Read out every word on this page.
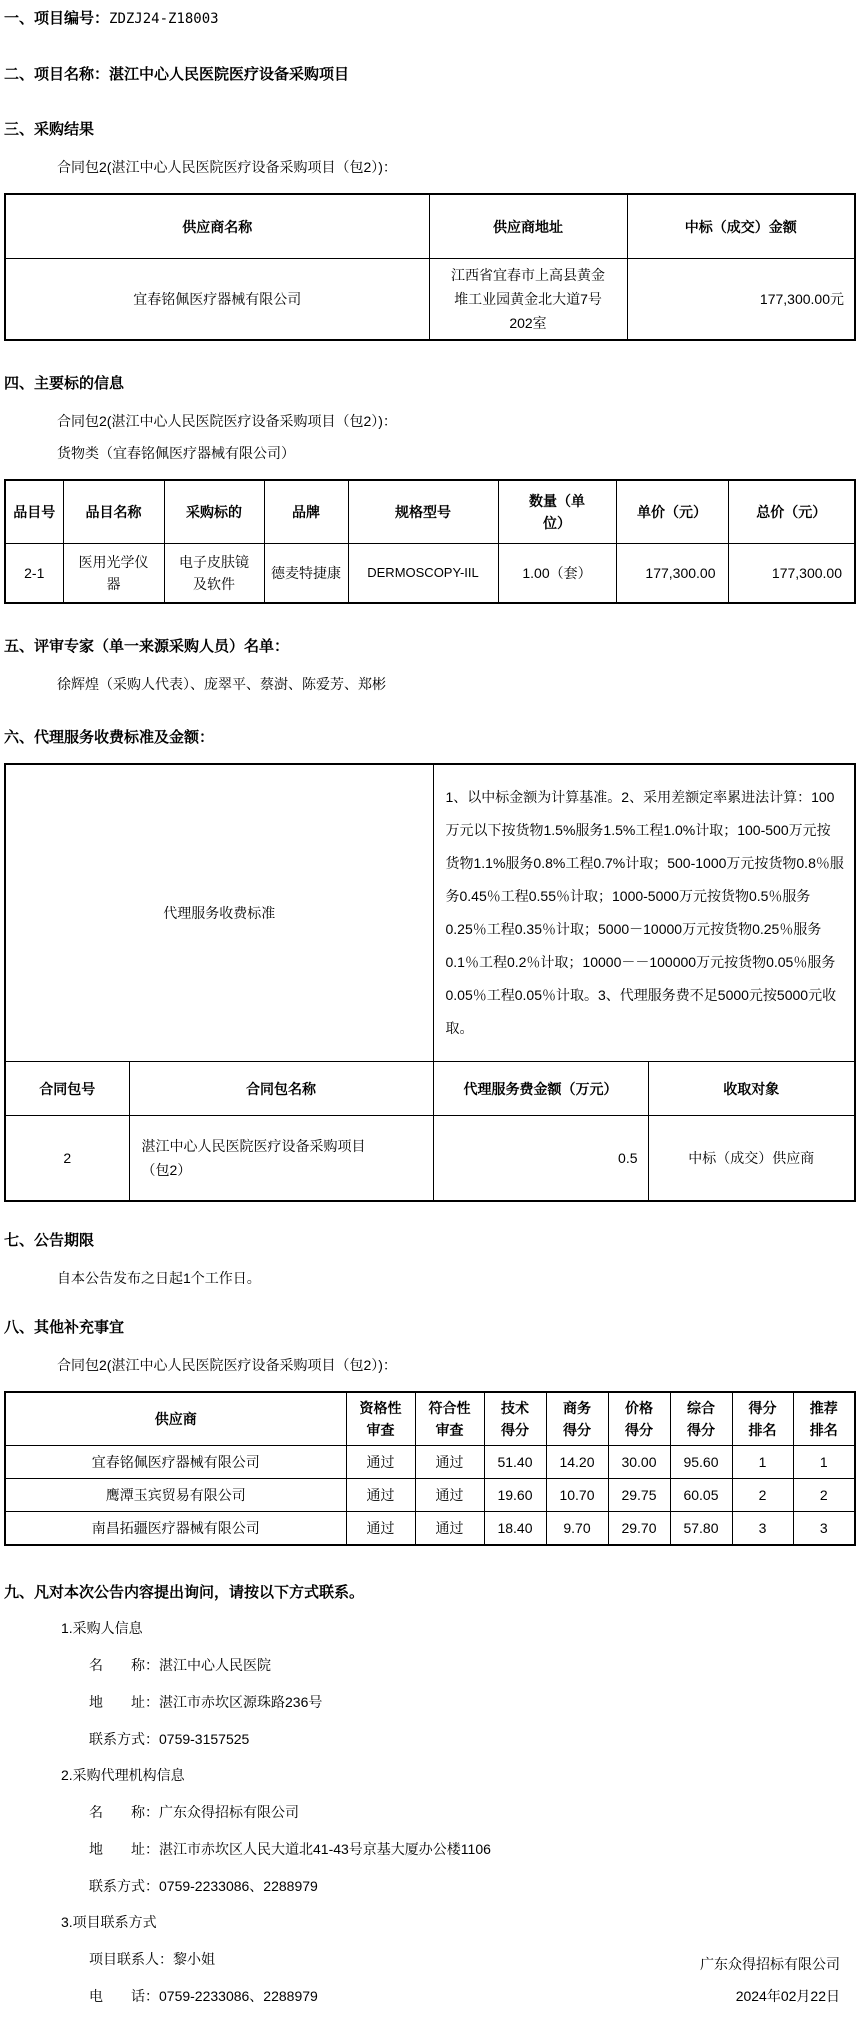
一、项目编号：ZDZJ24-Z18003
二、项目名称：湛江中心人民医院医疗设备采购项目
三、采购结果
合同包2(湛江中心人民医院医疗设备采购项目（包2）)：
供应商名称	供应商地址	中标（成交）金额
宜春铭佩医疗器械有限公司	江西省宜春市上高县黄金堆工业园黄金北大道7号202室	177,300.00元
四、主要标的信息
合同包2(湛江中心人民医院医疗设备采购项目（包2）)：
货物类（宜春铭佩医疗器械有限公司）
品目号	品目名称	采购标的	品牌	规格型号	数量（单位）	单价（元）	总价（元）
2-1	医用光学仪器	电子皮肤镜及软件	德麦特捷康	DERMOSCOPY-IIL	1.00（套）	177,300.00	177,300.00
五、评审专家（单一来源采购人员）名单：
徐辉煌（采购人代表）、庞翠平、蔡澍、陈爱芳、郑彬
六、代理服务收费标准及金额：
代理服务收费标准		1、以中标金额为计算基准。2、采用差额定率累进法计算：100万元以下按货物1.5%服务1.5%工程1.0%计取；100-500万元按货物1.1%服务0.8%工程0.7%计取；500-1000万元按货物0.8％服务0.45％工程0.55％计取；1000-5000万元按货物0.5％服务0.25％工程0.35％计取；5000－10000万元按货物0.25％服务0.1％工程0.2％计取；10000－－100000万元按货物0.05％服务0.05％工程0.05％计取。3、代理服务费不足5000元按5000元收取。	
合同包号	合同包名称	代理服务费金额（万元）	收取对象
2	湛江中心人民医院医疗设备采购项目（包2）	0.5	中标（成交）供应商
七、公告期限
自本公告发布之日起1个工作日。
八、其他补充事宜
合同包2(湛江中心人民医院医疗设备采购项目（包2）)：
供应商	资格性审查	符合性审查	技术得分	商务得分	价格得分	综合得分	得分排名	推荐排名
宜春铭佩医疗器械有限公司	通过	通过	51.40	14.20	30.00	95.60	1	1
鹰潭玉宾贸易有限公司	通过	通过	19.60	10.70	29.75	60.05	2	2
南昌拓疆医疗器械有限公司	通过	通过	18.40	9.70	29.70	57.80	3	3
九、凡对本次公告内容提出询问，请按以下方式联系。
1.采购人信息
名　　称：湛江中心人民医院
地　　址：湛江市赤坎区源珠路236号
联系方式：0759-3157525
2.采购代理机构信息
名　　称：广东众得招标有限公司
地　　址：湛江市赤坎区人民大道北41-43号京基大厦办公楼1106
联系方式：0759-2233086、2288979
3.项目联系方式
项目联系人：黎小姐
电　　话：0759-2233086、2288979
广东众得招标有限公司
2024年02月22日
